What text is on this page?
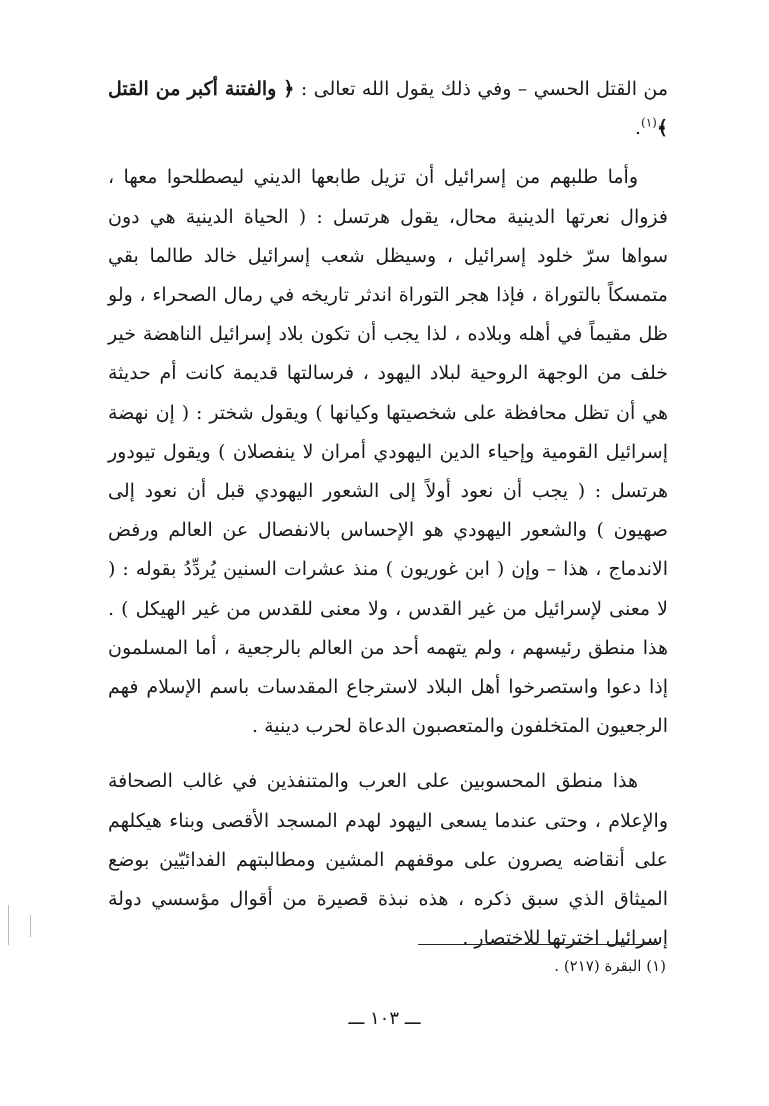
من القتل الحسي – وفي ذلك يقول الله تعالى : ﴿ والفتنة أكبر من القتل ﴾$^{(١)}$.

وأما طلبهم من إسرائيل أن تزيل طابعها الديني ليصطلحوا معها ، فزوال نعرتها الدينية محال، يقول هرتسل : ( الحياة الدينية هي دون سواها سرّ خلود إسرائيل ، وسيظل شعب إسرائيل خالد طالما بقي متمسكاً بالتوراة ، فإذا هجر التوراة اندثر تاريخه في رمال الصحراء ، ولو ظل مقيماً في أهله وبلاده ، لذا يجب أن تكون بلاد إسرائيل الناهضة خير خلف من الوجهة الروحية لبلاد اليهود ، فرسالتها قديمة كانت أم حديثة هي أن تظل محافظة على شخصيتها وكيانها ) ويقول شختر : ( إن نهضة إسرائيل القومية وإحياء الدين اليهودي أمران لا ينفصلان ) ويقول تيودور هرتسل : ( يجب أن نعود أولاً إلى الشعور اليهودي قبل أن نعود إلى صهيون ) والشعور اليهودي هو الإحساس بالانفصال عن العالم ورفض الاندماج ، هذا – وإن ( ابن غوريون ) منذ عشرات السنين يُردِّدُ بقوله : ( لا معنى لإسرائيل من غير القدس ، ولا معنى للقدس من غير الهيكل ) . هذا منطق رئيسهم ، ولم يتهمه أحد من العالم بالرجعية ، أما المسلمون إذا دعوا واستصرخوا أهل البلاد لاسترجاع المقدسات باسم الإسلام فهم الرجعيون المتخلفون والمتعصبون الدعاة لحرب دينية .

هذا منطق المحسوبين على العرب والمتنفذين في غالب الصحافة والإعلام ، وحتى عندما يسعى اليهود لهدم المسجد الأقصى وبناء هيكلهم على أنقاضه يصرون على موقفهم المشين ومطالبتهم الفدائيّين بوضع الميثاق الذي سبق ذكره ، هذه نبذة قصيرة من أقوال مؤسسي دولة إسرائيل اخترتها للاختصار .

(١) البقرة (٢١٧) .

ـــ ١٠٣ ـــ
